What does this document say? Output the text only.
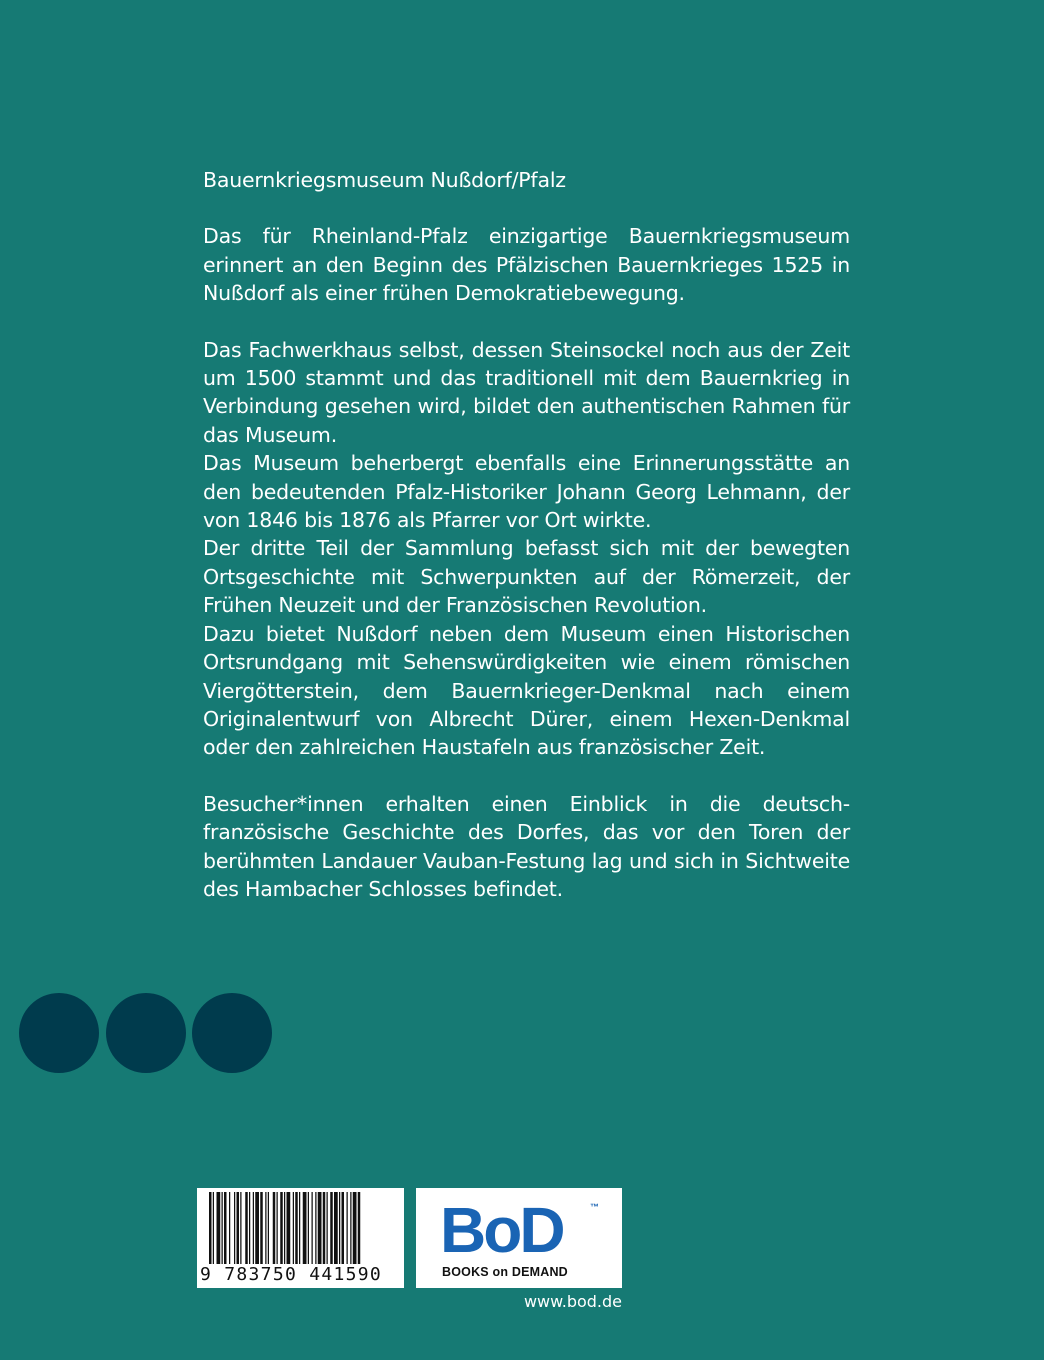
Bauernkriegsmuseum Nußdorf/Pfalz

Das für Rheinland-Pfalz einzigartige Bauernkriegsmuseum erinnert an den Beginn des Pfälzischen Bauernkrieges 1525 in Nußdorf als einer frühen Demokratiebewegung.

Das Fachwerkhaus selbst, dessen Steinsockel noch aus der Zeit um 1500 stammt und das traditionell mit dem Bauernkrieg in Verbindung gesehen wird, bildet den authentischen Rahmen für das Museum.

Das Museum beherbergt ebenfalls eine Erinnerungsstätte an den bedeutenden Pfalz-Historiker Johann Georg Lehmann, der von 1846 bis 1876 als Pfarrer vor Ort wirkte.

Der dritte Teil der Sammlung befasst sich mit der bewegten Ortsgeschichte mit Schwerpunkten auf der Römerzeit, der Frühen Neuzeit und der Französischen Revolution.

Dazu bietet Nußdorf neben dem Museum einen Historischen Ortsrundgang mit Sehenswürdigkeiten wie einem römischen Viergötterstein, dem Bauernkrieger-Denkmal nach einem Originalentwurf von Albrecht Dürer, einem Hexen-Denkmal oder den zahlreichen Haustafeln aus französischer Zeit.

Besucher*innen erhalten einen Einblick in die deutsch-französische Geschichte des Dorfes, das vor den Toren der berühmten Landauer Vauban-Festung lag und sich in Sichtweite des Hambacher Schlosses befindet.

9 783750 441590
BoD	™
BOOKS on DEMAND
www.bod.de
